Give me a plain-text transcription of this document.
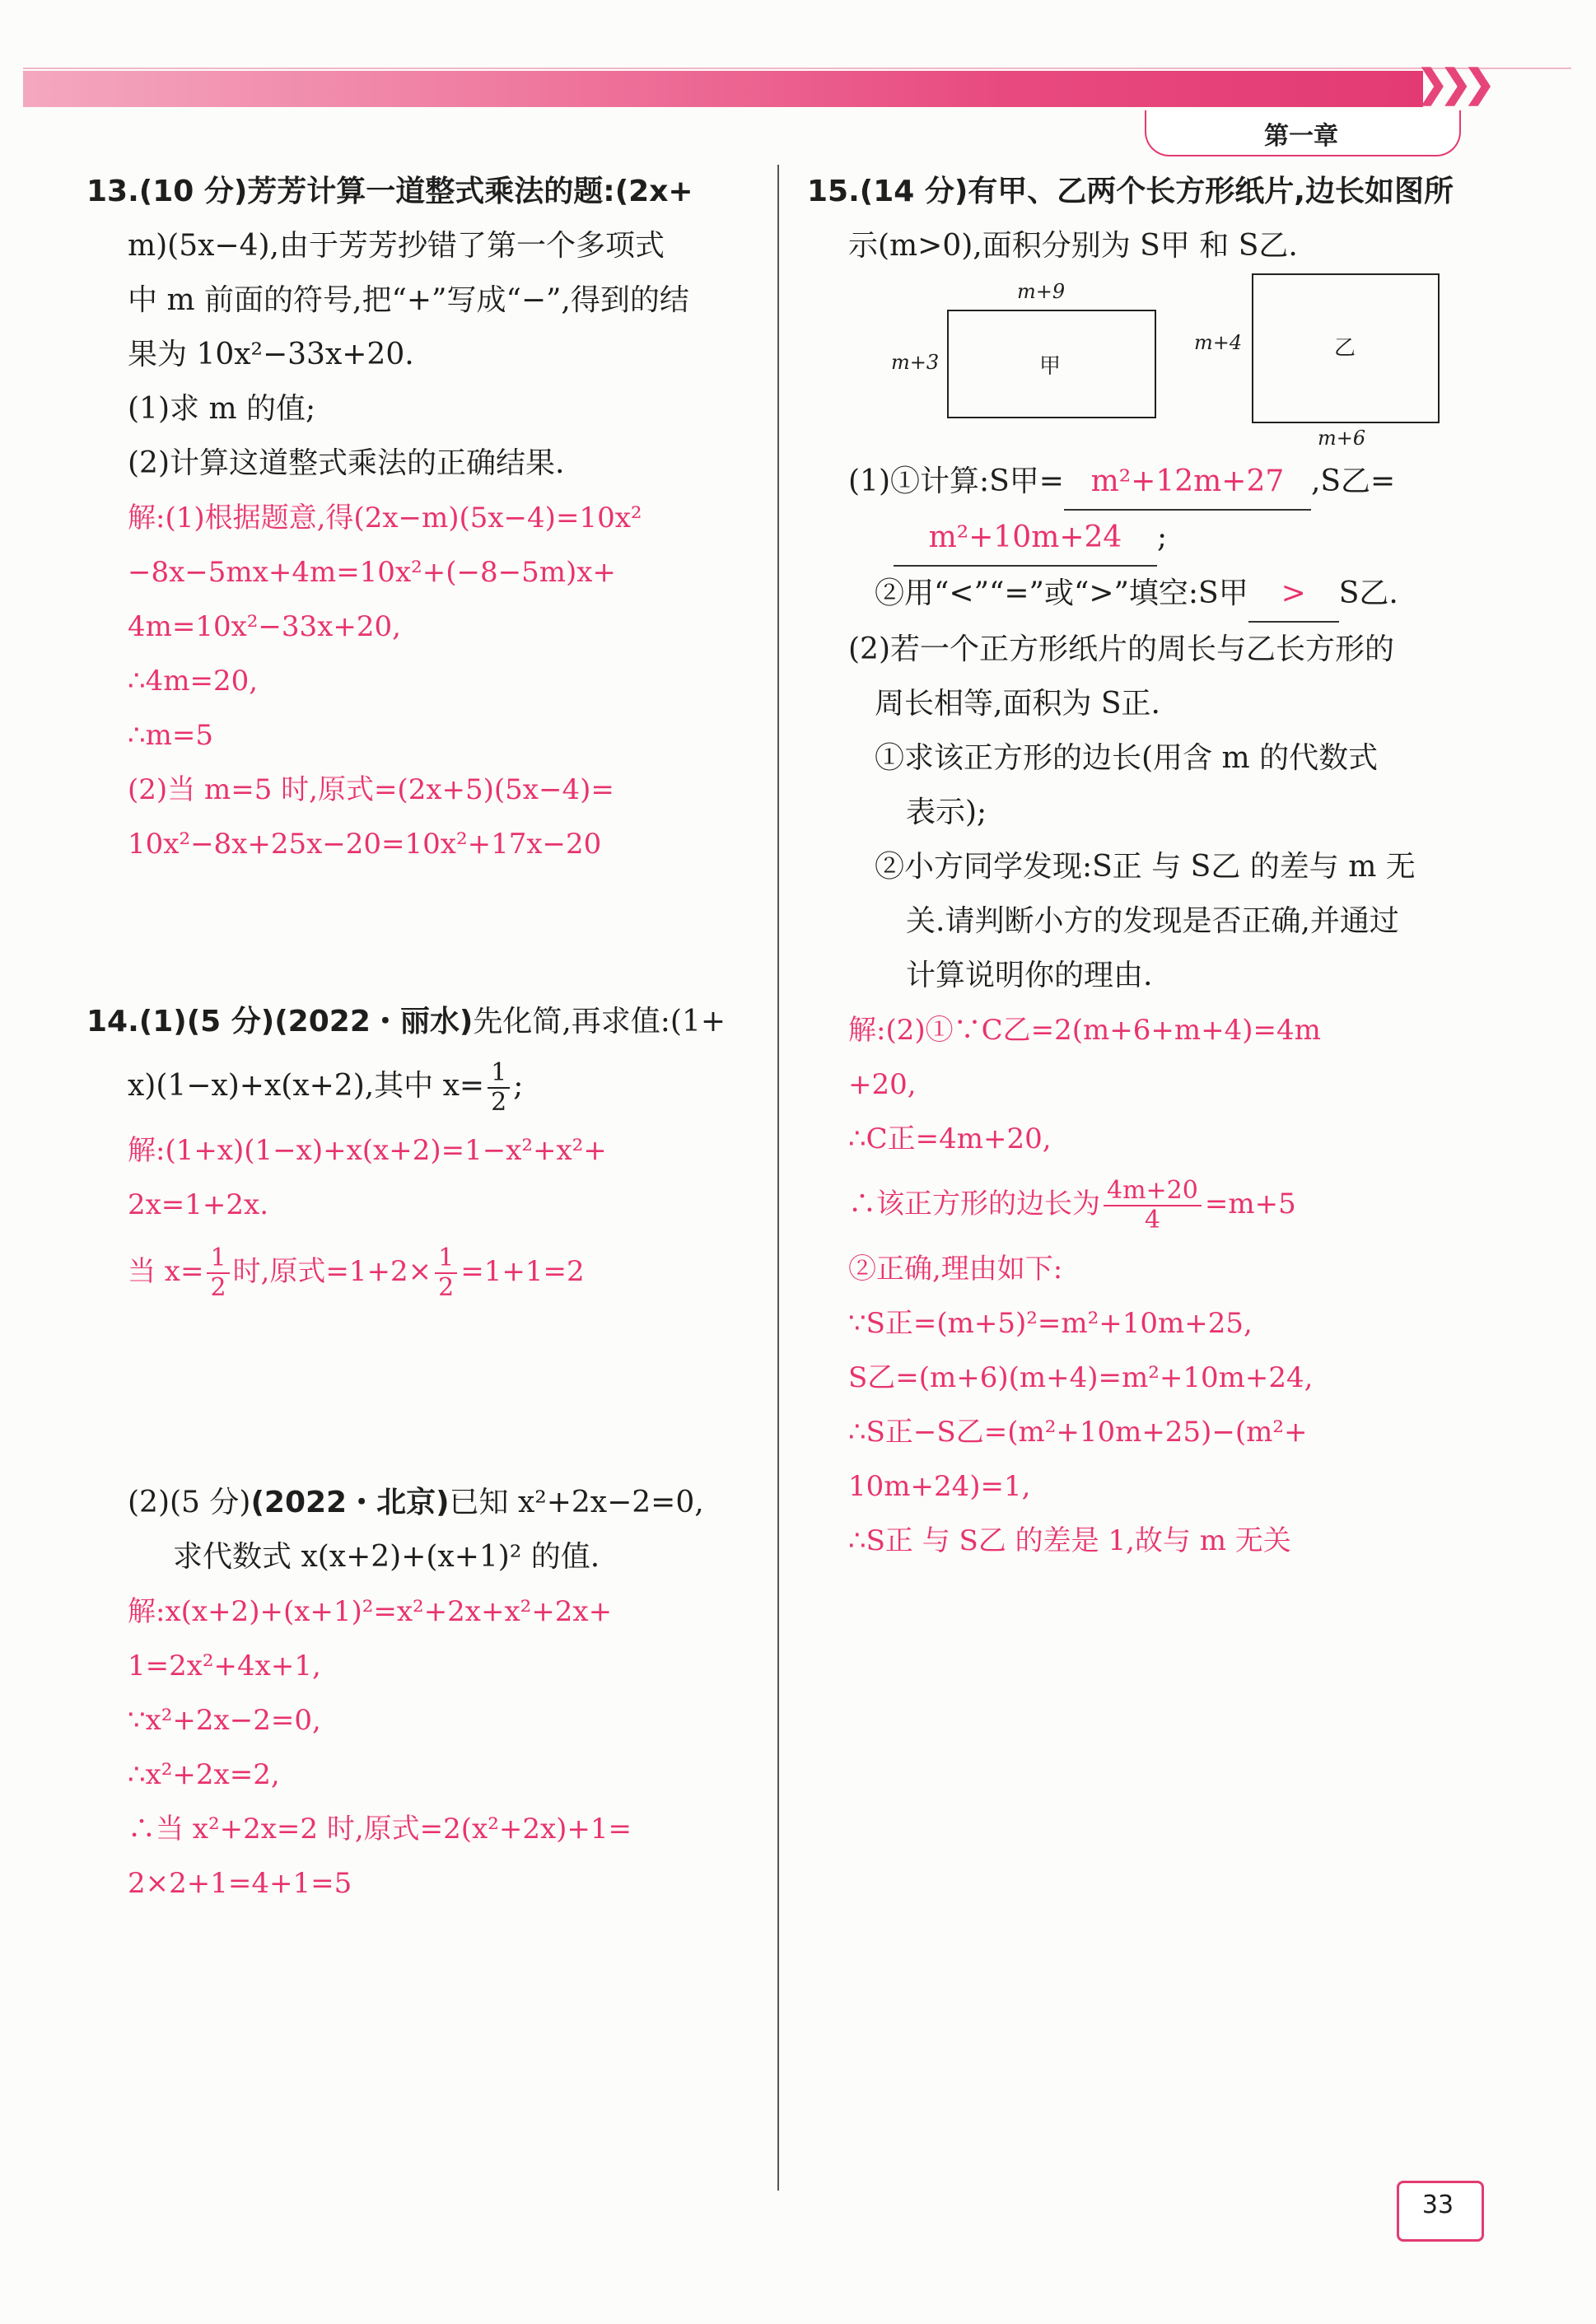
❯❯❯
第一章
13.(10 分)芳芳计算一道整式乘法的题:(2x+
m)(5x−4),由于芳芳抄错了第一个多项式
中 m 前面的符号,把“+”写成“−”,得到的结
果为 10x²−33x+20.
(1)求 m 的值;
(2)计算这道整式乘法的正确结果.
解:(1)根据题意,得(2x−m)(5x−4)=10x²
−8x−5mx+4m=10x²+(−8−5m)x+
4m=10x²−33x+20,
∴4m=20,
∴m=5
(2)当 m=5 时,原式=(2x+5)(5x−4)=
10x²−8x+25x−20=10x²+17x−20
14.(1)(5 分)(2022・丽水)先化简,再求值:(1+
x)(1−x)+x(x+2),其中 $x= \frac{1}{2}$ ;
解:(1+x)(1−x)+x(x+2)=1−x²+x²+
2x=1+2x.
当 $x= \frac{1}{2}$ 时,原式$=1+2\times \frac{1}{2} =1+1=2$
(2)(5 分)(2022・北京)已知 x²+2x−2=0,
求代数式 x(x+2)+(x+1)² 的值.
解:x(x+2)+(x+1)²=x²+2x+x²+2x+
1=2x²+4x+1,
∵x²+2x−2=0,
∴x²+2x=2,
∴当 x²+2x=2 时,原式=2(x²+2x)+1=
2×2+1=4+1=5
15.(14 分)有甲、乙两个长方形纸片,边长如图所
示(m>0),面积分别为 S甲 和 S乙.
m+9
m+3	甲
m+4	乙
m+6
(1)①计算:S甲= m²+12m+27 ,S乙=
m²+10m+24 ;
②用“<”“=”或“>”填空:S甲 > S乙.
(2)若一个正方形纸片的周长与乙长方形的
周长相等,面积为 S正.
①求该正方形的边长(用含 m 的代数式
表示);
②小方同学发现:S正 与 S乙 的差与 m 无
关.请判断小方的发现是否正确,并通过
计算说明你的理由.
解:(2)①∵C乙=2(m+6+m+4)=4m
+20,
∴C正=4m+20,
∴该正方形的边长为 $\frac{4m+20}{4} =m+5$
②正确,理由如下:
∵S正=(m+5)²=m²+10m+25,
S乙=(m+6)(m+4)=m²+10m+24,
∴S正−S乙=(m²+10m+25)−(m²+
10m+24)=1,
∴S正 与 S乙 的差是 1,故与 m 无关
33
